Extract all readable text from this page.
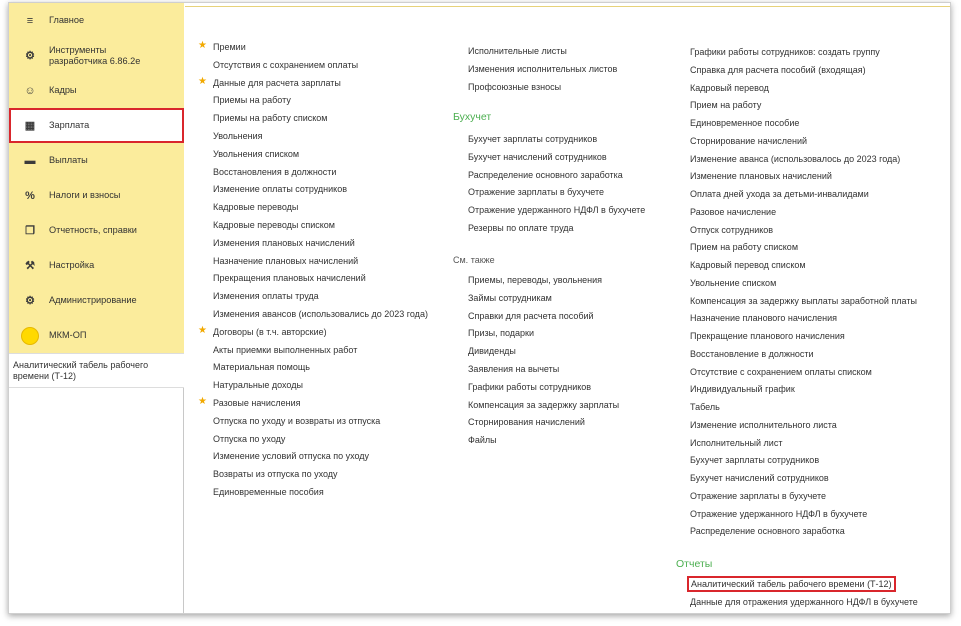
≡	Главное
⚙
Инструменты
разработчика 6.86.2e
☺ Кадры
▦ Зарплата
▬ Выплаты
% Налоги и взносы
❐ Отчетность, справки
⚒ Настройка
⚙ Администрирование
МКМ-ОП
Аналитический табель рабочего времени (Т-12)
★ Премии
Отсутствия с сохранением оплаты
★ Данные для расчета зарплаты
Приемы на работу
Приемы на работу списком
Увольнения
Увольнения списком
Восстановления в должности
Изменение оплаты сотрудников
Кадровые переводы
Кадровые переводы списком
Изменения плановых начислений
Назначение плановых начислений
Прекращения плановых начислений
Изменения оплаты труда
Изменения авансов (использовались до 2023 года)
★ Договоры (в т.ч. авторские)
Акты приемки выполненных работ
Материальная помощь
Натуральные доходы
★ Разовые начисления
Отпуска по уходу и возвраты из отпуска
Отпуска по уходу
Изменение условий отпуска по уходу
Возвраты из отпуска по уходу
Единовременные пособия
Исполнительные листы
Изменения исполнительных листов
Профсоюзные взносы
Бухучет
Бухучет зарплаты сотрудников
Бухучет начислений сотрудников
Распределение основного заработка
Отражение зарплаты в бухучете
Отражение удержанного НДФЛ в бухучете
Резервы по оплате труда
См. также
Приемы, переводы, увольнения
Займы сотрудникам
Справки для расчета пособий
Призы, подарки
Дивиденды
Заявления на вычеты
Графики работы сотрудников
Компенсация за задержку зарплаты
Сторнирования начислений
Файлы
Графики работы сотрудников: создать группу
Справка для расчета пособий (входящая)
Кадровый перевод
Прием на работу
Единовременное пособие
Сторнирование начислений
Изменение аванса (использовалось до 2023 года)
Изменение плановых начислений
Оплата дней ухода за детьми-инвалидами
Разовое начисление
Отпуск сотрудников
Прием на работу списком
Кадровый перевод списком
Увольнение списком
Компенсация за задержку выплаты заработной платы
Назначение планового начисления
Прекращение планового начисления
Восстановление в должности
Отсутствие с сохранением оплаты списком
Индивидуальный график
Табель
Изменение исполнительного листа
Исполнительный лист
Бухучет зарплаты сотрудников
Бухучет начислений сотрудников
Отражение зарплаты в бухучете
Отражение удержанного НДФЛ в бухучете
Распределение основного заработка
Отчеты
Аналитический табель рабочего времени (Т-12)
Данные для отражения удержанного НДФЛ в бухучете
